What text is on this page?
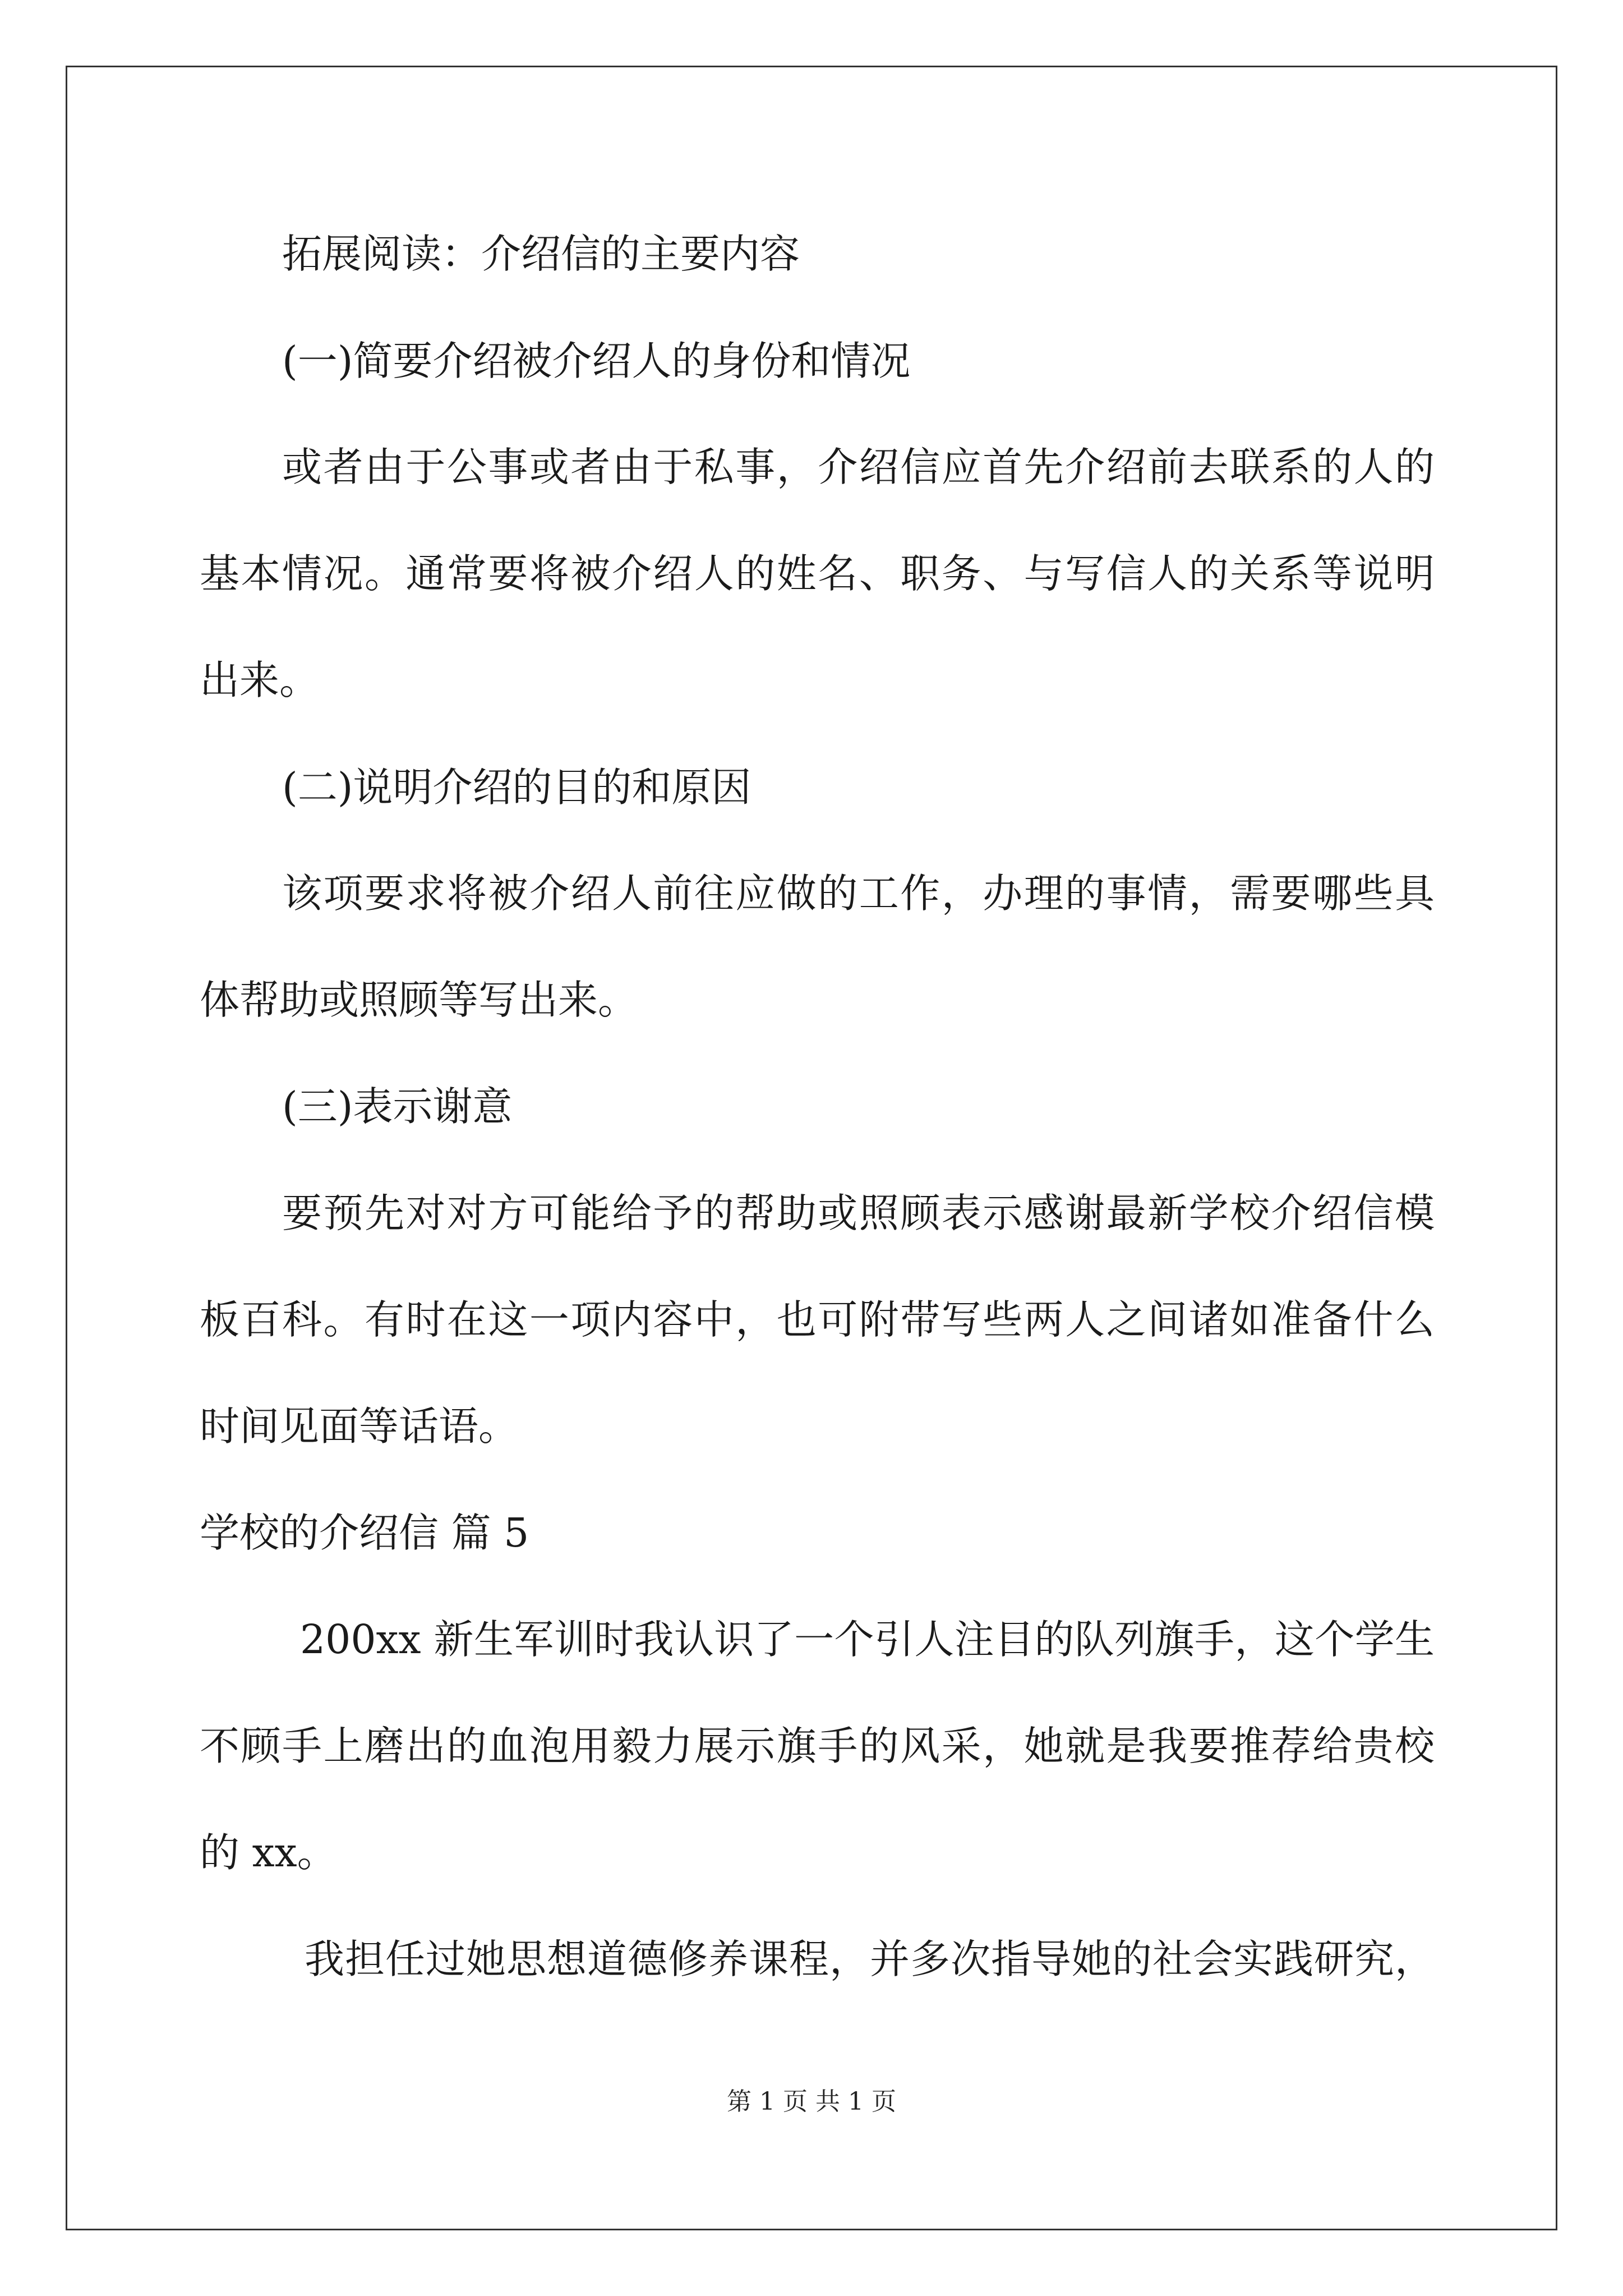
拓展阅读：介绍信的主要内容
(一)简要介绍被介绍人的身份和情况
或者由于公事或者由于私事，介绍信应首先介绍前去联系的人的
基本情况。通常要将被介绍人的姓名、职务、与写信人的关系等说明
出来。
(二)说明介绍的目的和原因
该项要求将被介绍人前往应做的工作，办理的事情，需要哪些具
体帮助或照顾等写出来。
(三)表示谢意
要预先对对方可能给予的帮助或照顾表示感谢最新学校介绍信模
板百科。有时在这一项内容中，也可附带写些两人之间诸如准备什么
时间见面等话语。
学校的介绍信 篇 5
200xx 新生军训时我认识了一个引人注目的队列旗手，这个学生
不顾手上磨出的血泡用毅力展示旗手的风采，她就是我要推荐给贵校
的 xx。
我担任过她思想道德修养课程，并多次指导她的社会实践研究，
第 1 页 共 1 页
